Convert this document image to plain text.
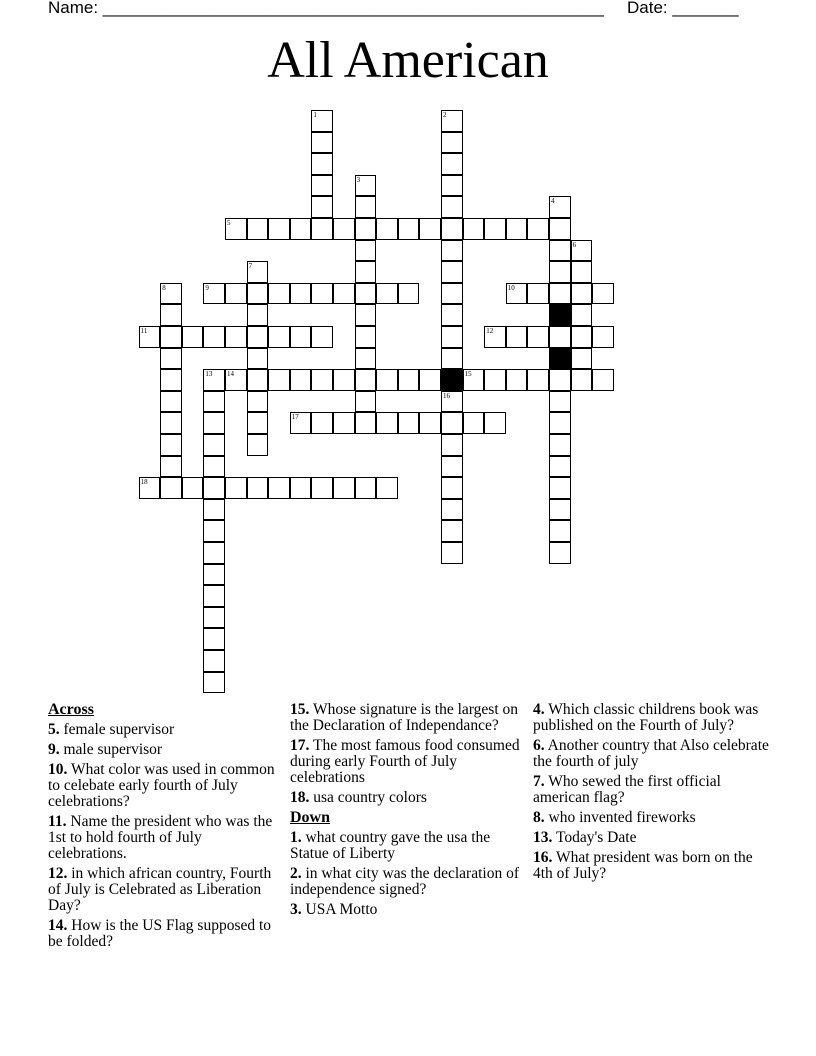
Name: _____________________________________________________ Date: _______
All American
1	2
16
3
4
5
6
7
8	9	10
11	12
13 14	15
17
18
Across
5. female supervisor
9. male supervisor
10. What color was used in common to celebate early fourth of July celebrations?
11. Name the president who was the 1st to hold fourth of July celebrations.
12. in which african country, Fourth of July is Celebrated as Liberation Day?
14. How is the US Flag supposed to be folded?
15. Whose signature is the largest on the Declaration of Independance?
17. The most famous food consumed during early Fourth of July celebrations
18. usa country colors
Down
1. what country gave the usa the Statue of Liberty
2. in what city was the declaration of independence signed?
3. USA Motto
4. Which classic childrens book was published on the Fourth of July?
6. Another country that Also celebrate the fourth of july
7. Who sewed the first official american flag?
8. who invented fireworks
13. Today's Date
16. What president was born on the 4th of July?
